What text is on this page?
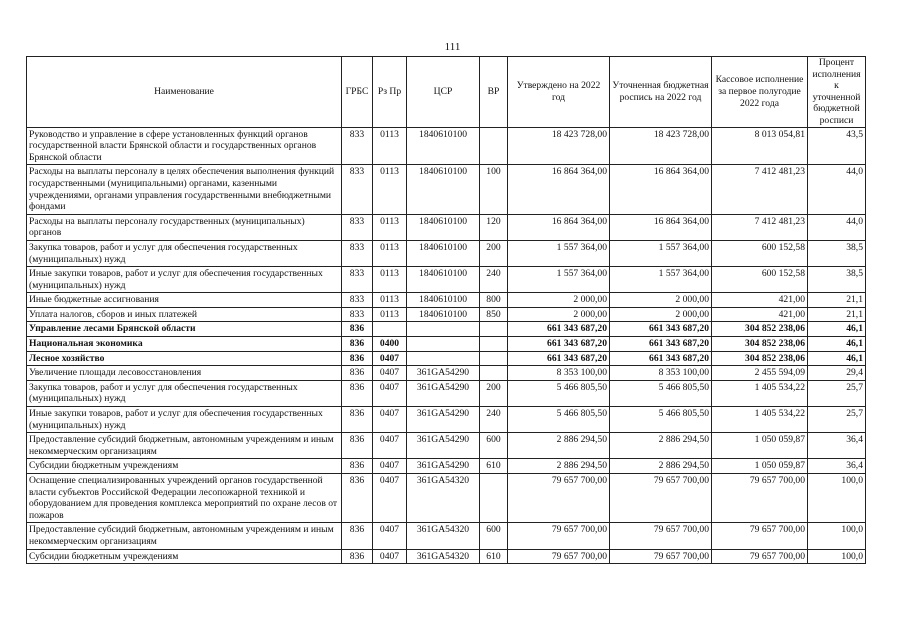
111
Наименование	ГРБС	Рз Пр	ЦСР	ВР	Утверждено на 2022 год	Уточненная бюджетная роспись на 2022 год	Кассовое исполнение за первое полугодие 2022 года	Процент исполнения к уточненной бюджетной росписи
Руководство и управление в сфере установленных функций органов государственной власти Брянской области и государственных органов Брянской области	833	0113	1840610100		18 423 728,00	18 423 728,00	8 013 054,81	43,5
Расходы на выплаты персоналу в целях обеспечения выполнения функций государственными (муниципальными) органами, казенными учреждениями, органами управления государственными внебюджетными фондами	833	0113	1840610100	100	16 864 364,00	16 864 364,00	7 412 481,23	44,0
Расходы на выплаты персоналу государственных (муниципальных) органов	833	0113	1840610100	120	16 864 364,00	16 864 364,00	7 412 481,23	44,0
Закупка товаров, работ и услуг для обеспечения государственных (муниципальных) нужд	833	0113	1840610100	200	1 557 364,00	1 557 364,00	600 152,58	38,5
Иные закупки товаров, работ и услуг для обеспечения государственных (муниципальных) нужд	833	0113	1840610100	240	1 557 364,00	1 557 364,00	600 152,58	38,5
Иные бюджетные ассигнования	833	0113	1840610100	800	2 000,00	2 000,00	421,00	21,1
Уплата налогов, сборов и иных платежей	833	0113	1840610100	850	2 000,00	2 000,00	421,00	21,1
Управление лесами Брянской области	836				661 343 687,20	661 343 687,20	304 852 238,06	46,1
Национальная экономика	836	0400			661 343 687,20	661 343 687,20	304 852 238,06	46,1
Лесное хозяйство	836	0407			661 343 687,20	661 343 687,20	304 852 238,06	46,1
Увеличение площади лесовосстановления	836	0407	361GA54290		8 353 100,00	8 353 100,00	2 455 594,09	29,4
Закупка товаров, работ и услуг для обеспечения государственных (муниципальных) нужд	836	0407	361GA54290	200	5 466 805,50	5 466 805,50	1 405 534,22	25,7
Иные закупки товаров, работ и услуг для обеспечения государственных (муниципальных) нужд	836	0407	361GA54290	240	5 466 805,50	5 466 805,50	1 405 534,22	25,7
Предоставление субсидий бюджетным, автономным учреждениям и иным некоммерческим организациям	836	0407	361GA54290	600	2 886 294,50	2 886 294,50	1 050 059,87	36,4
Субсидии бюджетным учреждениям	836	0407	361GA54290	610	2 886 294,50	2 886 294,50	1 050 059,87	36,4
Оснащение специализированных учреждений органов государственной власти субъектов Российской Федерации лесопожарной техникой и оборудованием для проведения комплекса мероприятий по охране лесов от пожаров	836	0407	361GA54320		79 657 700,00	79 657 700,00	79 657 700,00	100,0
Предоставление субсидий бюджетным, автономным учреждениям и иным некоммерческим организациям	836	0407	361GA54320	600	79 657 700,00	79 657 700,00	79 657 700,00	100,0
Субсидии бюджетным учреждениям	836	0407	361GA54320	610	79 657 700,00	79 657 700,00	79 657 700,00	100,0
